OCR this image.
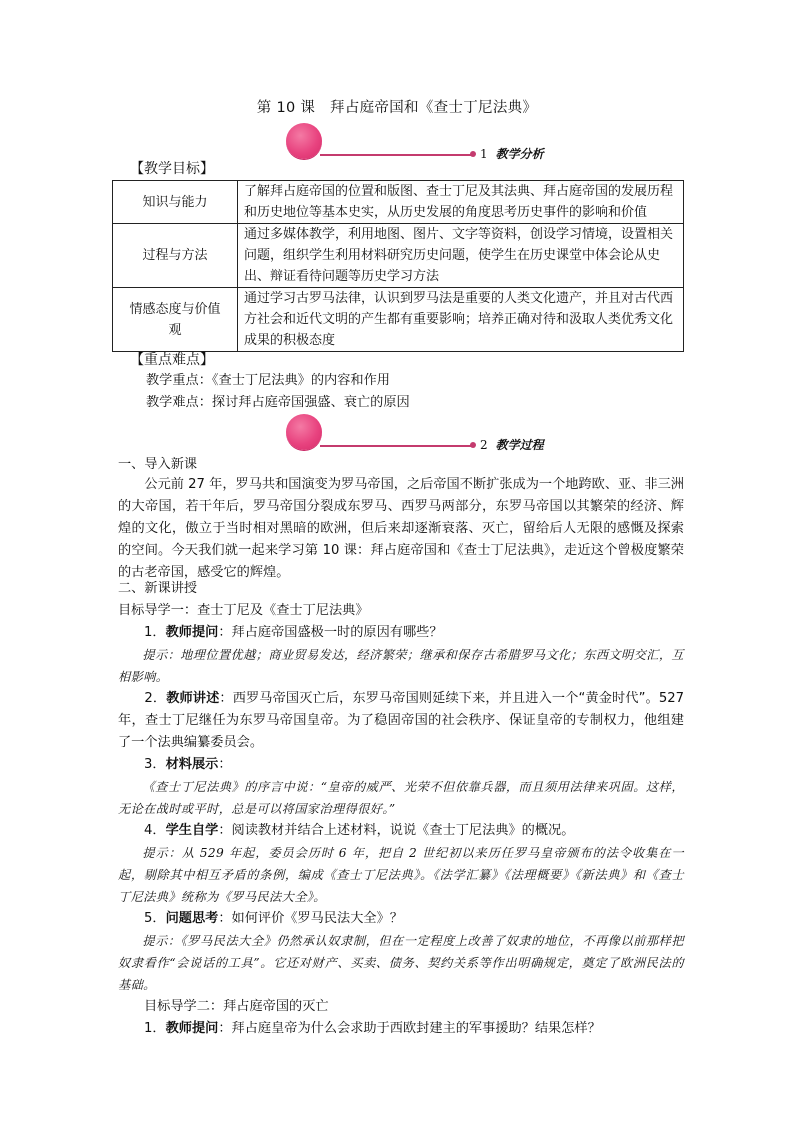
第 10 课　拜占庭帝国和《查士丁尼法典》
1 教学分析
【教学目标】
知识与能力	了解拜占庭帝国的位置和版图、查士丁尼及其法典、拜占庭帝国的发展历程和历史地位等基本史实，从历史发展的角度思考历史事件的影响和价值
过程与方法	通过多媒体教学，利用地图、图片、文字等资料，创设学习情境，设置相关问题，组织学生利用材料研究历史问题，使学生在历史课堂中体会论从史出、辩证看待问题等历史学习方法
情感态度与价值观	通过学习古罗马法律，认识到罗马法是重要的人类文化遗产，并且对古代西方社会和近代文明的产生都有重要影响；培养正确对待和汲取人类优秀文化成果的积极态度
【重点难点】
教学重点：《查士丁尼法典》的内容和作用
教学难点：探讨拜占庭帝国强盛、衰亡的原因
2 教学过程
一、导入新课
公元前 27 年，罗马共和国演变为罗马帝国，之后帝国不断扩张成为一个地跨欧、亚、非三洲的大帝国，若干年后，罗马帝国分裂成东罗马、西罗马两部分，东罗马帝国以其繁荣的经济、辉煌的文化，傲立于当时相对黑暗的欧洲，但后来却逐渐衰落、灭亡，留给后人无限的感慨及探索的空间。今天我们就一起来学习第 10 课：拜占庭帝国和《查士丁尼法典》，走近这个曾极度繁荣的古老帝国，感受它的辉煌。
二、新课讲授
目标导学一：查士丁尼及《查士丁尼法典》
1．教师提问：拜占庭帝国盛极一时的原因有哪些？
提示：地理位置优越；商业贸易发达，经济繁荣；继承和保存古希腊罗马文化；东西文明交汇，互相影响。
2．教师讲述：西罗马帝国灭亡后，东罗马帝国则延续下来，并且进入一个“黄金时代”。527 年，查士丁尼继任为东罗马帝国皇帝。为了稳固帝国的社会秩序、保证皇帝的专制权力，他组建了一个法典编纂委员会。
3．材料展示：
《查士丁尼法典》的序言中说：“皇帝的威严、光荣不但依靠兵器，而且须用法律来巩固。这样，无论在战时或平时，总是可以将国家治理得很好。”
4．学生自学：阅读教材并结合上述材料，说说《查士丁尼法典》的概况。
提示：从 529 年起，委员会历时 6 年，把自 2 世纪初以来历任罗马皇帝颁布的法令收集在一起，剔除其中相互矛盾的条例，编成《查士丁尼法典》。《法学汇纂》《法理概要》《新法典》和《查士丁尼法典》统称为《罗马民法大全》。
5．问题思考：如何评价《罗马民法大全》？
提示：《罗马民法大全》仍然承认奴隶制，但在一定程度上改善了奴隶的地位，不再像以前那样把奴隶看作“会说话的工具”。它还对财产、买卖、债务、契约关系等作出明确规定，奠定了欧洲民法的基础。
目标导学二：拜占庭帝国的灭亡
1．教师提问：拜占庭皇帝为什么会求助于西欧封建主的军事援助？结果怎样？
